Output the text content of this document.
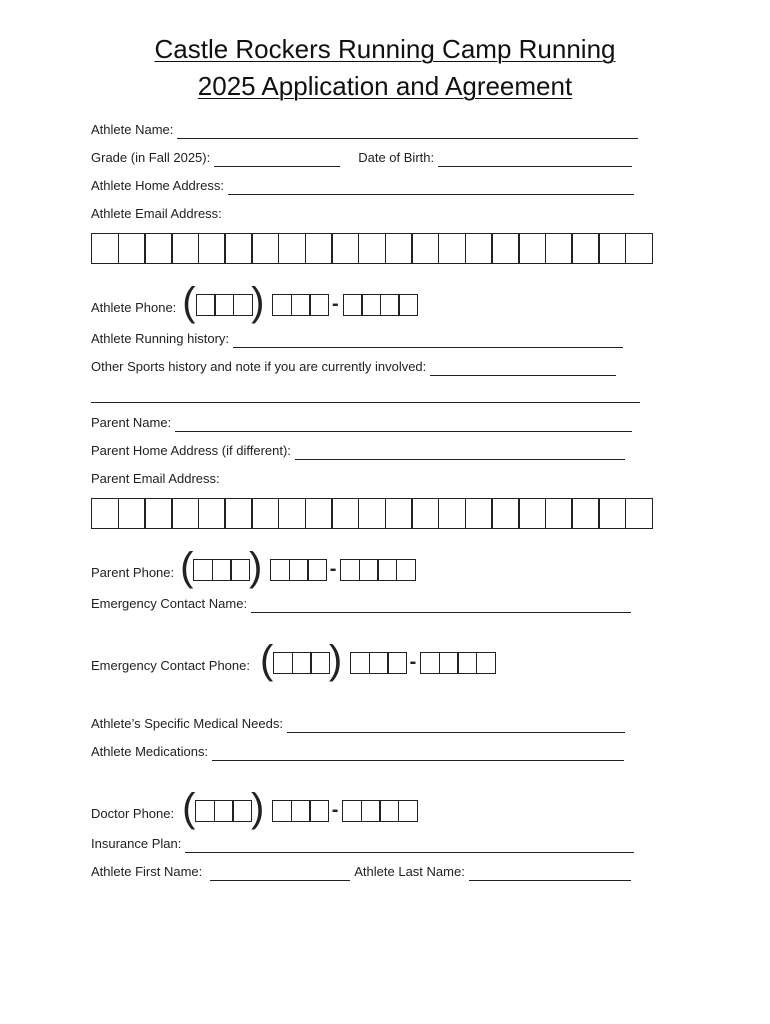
Castle Rockers Running Camp Running
2025 Application and Agreement
Athlete Name:
Grade (in Fall 2025):	Date of Birth:
Athlete Home Address:
Athlete Email Address:
Athlete Phone: ( )	-
Athlete Running history:
Other Sports history and note if you are currently involved:
Parent Name:
Parent Home Address (if different):
Parent Email Address:
Parent Phone: ( )	-
Emergency Contact Name:
Emergency Contact Phone: ( )	-
Athlete’s Specific Medical Needs:
Athlete Medications:
Doctor Phone: ( )	-
Insurance Plan:
Athlete First Name:	Athlete Last Name:
